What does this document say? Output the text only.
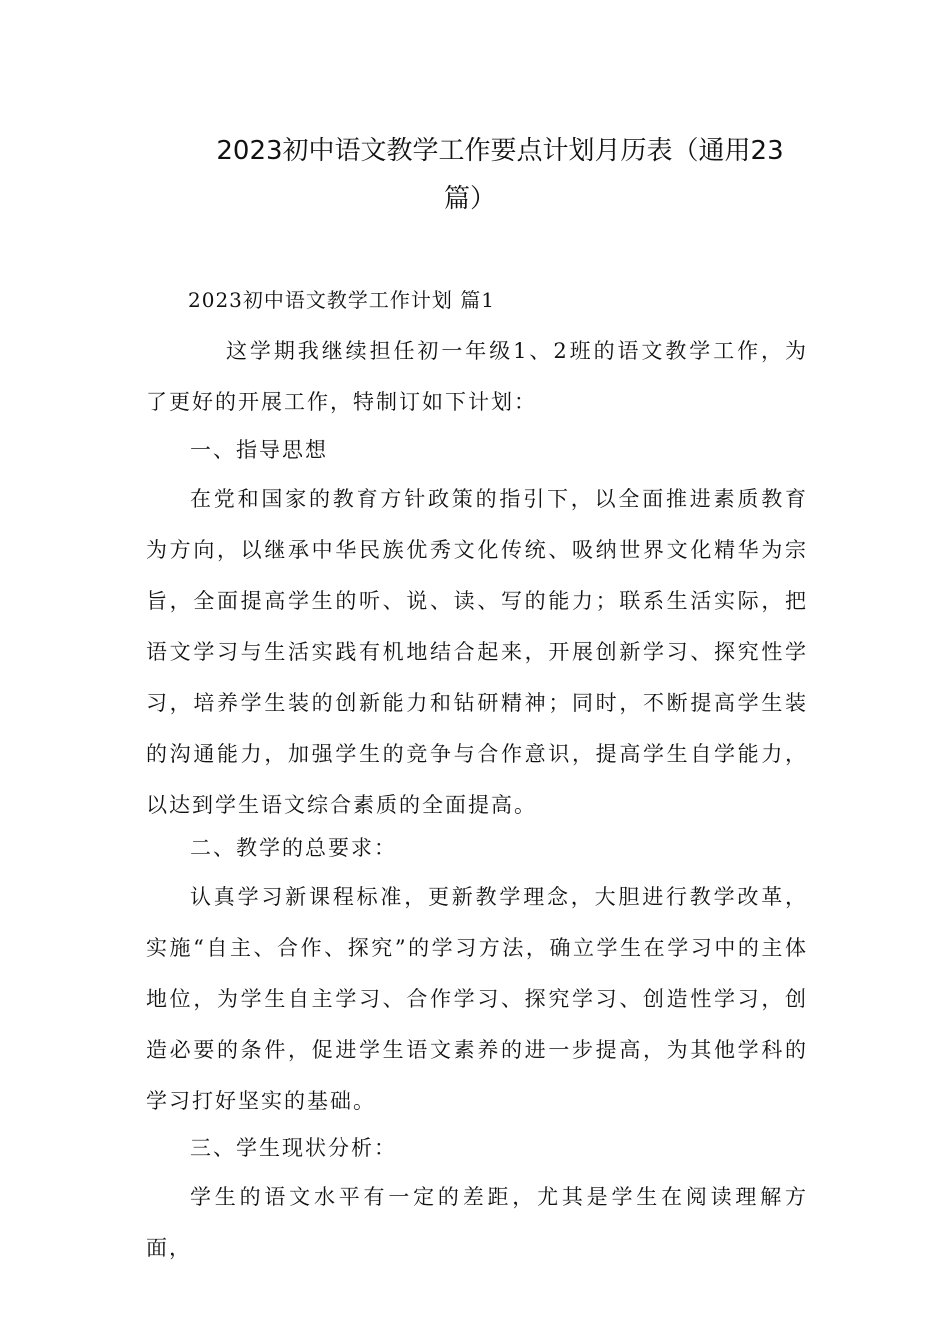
2023初中语文教学工作要点计划月历表（通用23
篇）
2023初中语文教学工作计划 篇1

这学期我继续担任初一年级1、2班的语文教学工作，为了更好的开展工作，特制订如下计划：

一、指导思想

在党和国家的教育方针政策的指引下，以全面推进素质教育为方向，以继承中华民族优秀文化传统、吸纳世界文化精华为宗旨，全面提高学生的听、说、读、写的能力；联系生活实际，把语文学习与生活实践有机地结合起来，开展创新学习、探究性学习，培养学生装的创新能力和钻研精神；同时，不断提高学生装的沟通能力，加强学生的竞争与合作意识，提高学生自学能力，以达到学生语文综合素质的全面提高。

二、教学的总要求：

认真学习新课程标准，更新教学理念，大胆进行教学改革，实施“自主、合作、探究”的学习方法，确立学生在学习中的主体地位，为学生自主学习、合作学习、探究学习、创造性学习，创造必要的条件，促进学生语文素养的进一步提高，为其他学科的学习打好坚实的基础。

三、学生现状分析：

学生的语文水平有一定的差距，尤其是学生在阅读理解方面，
